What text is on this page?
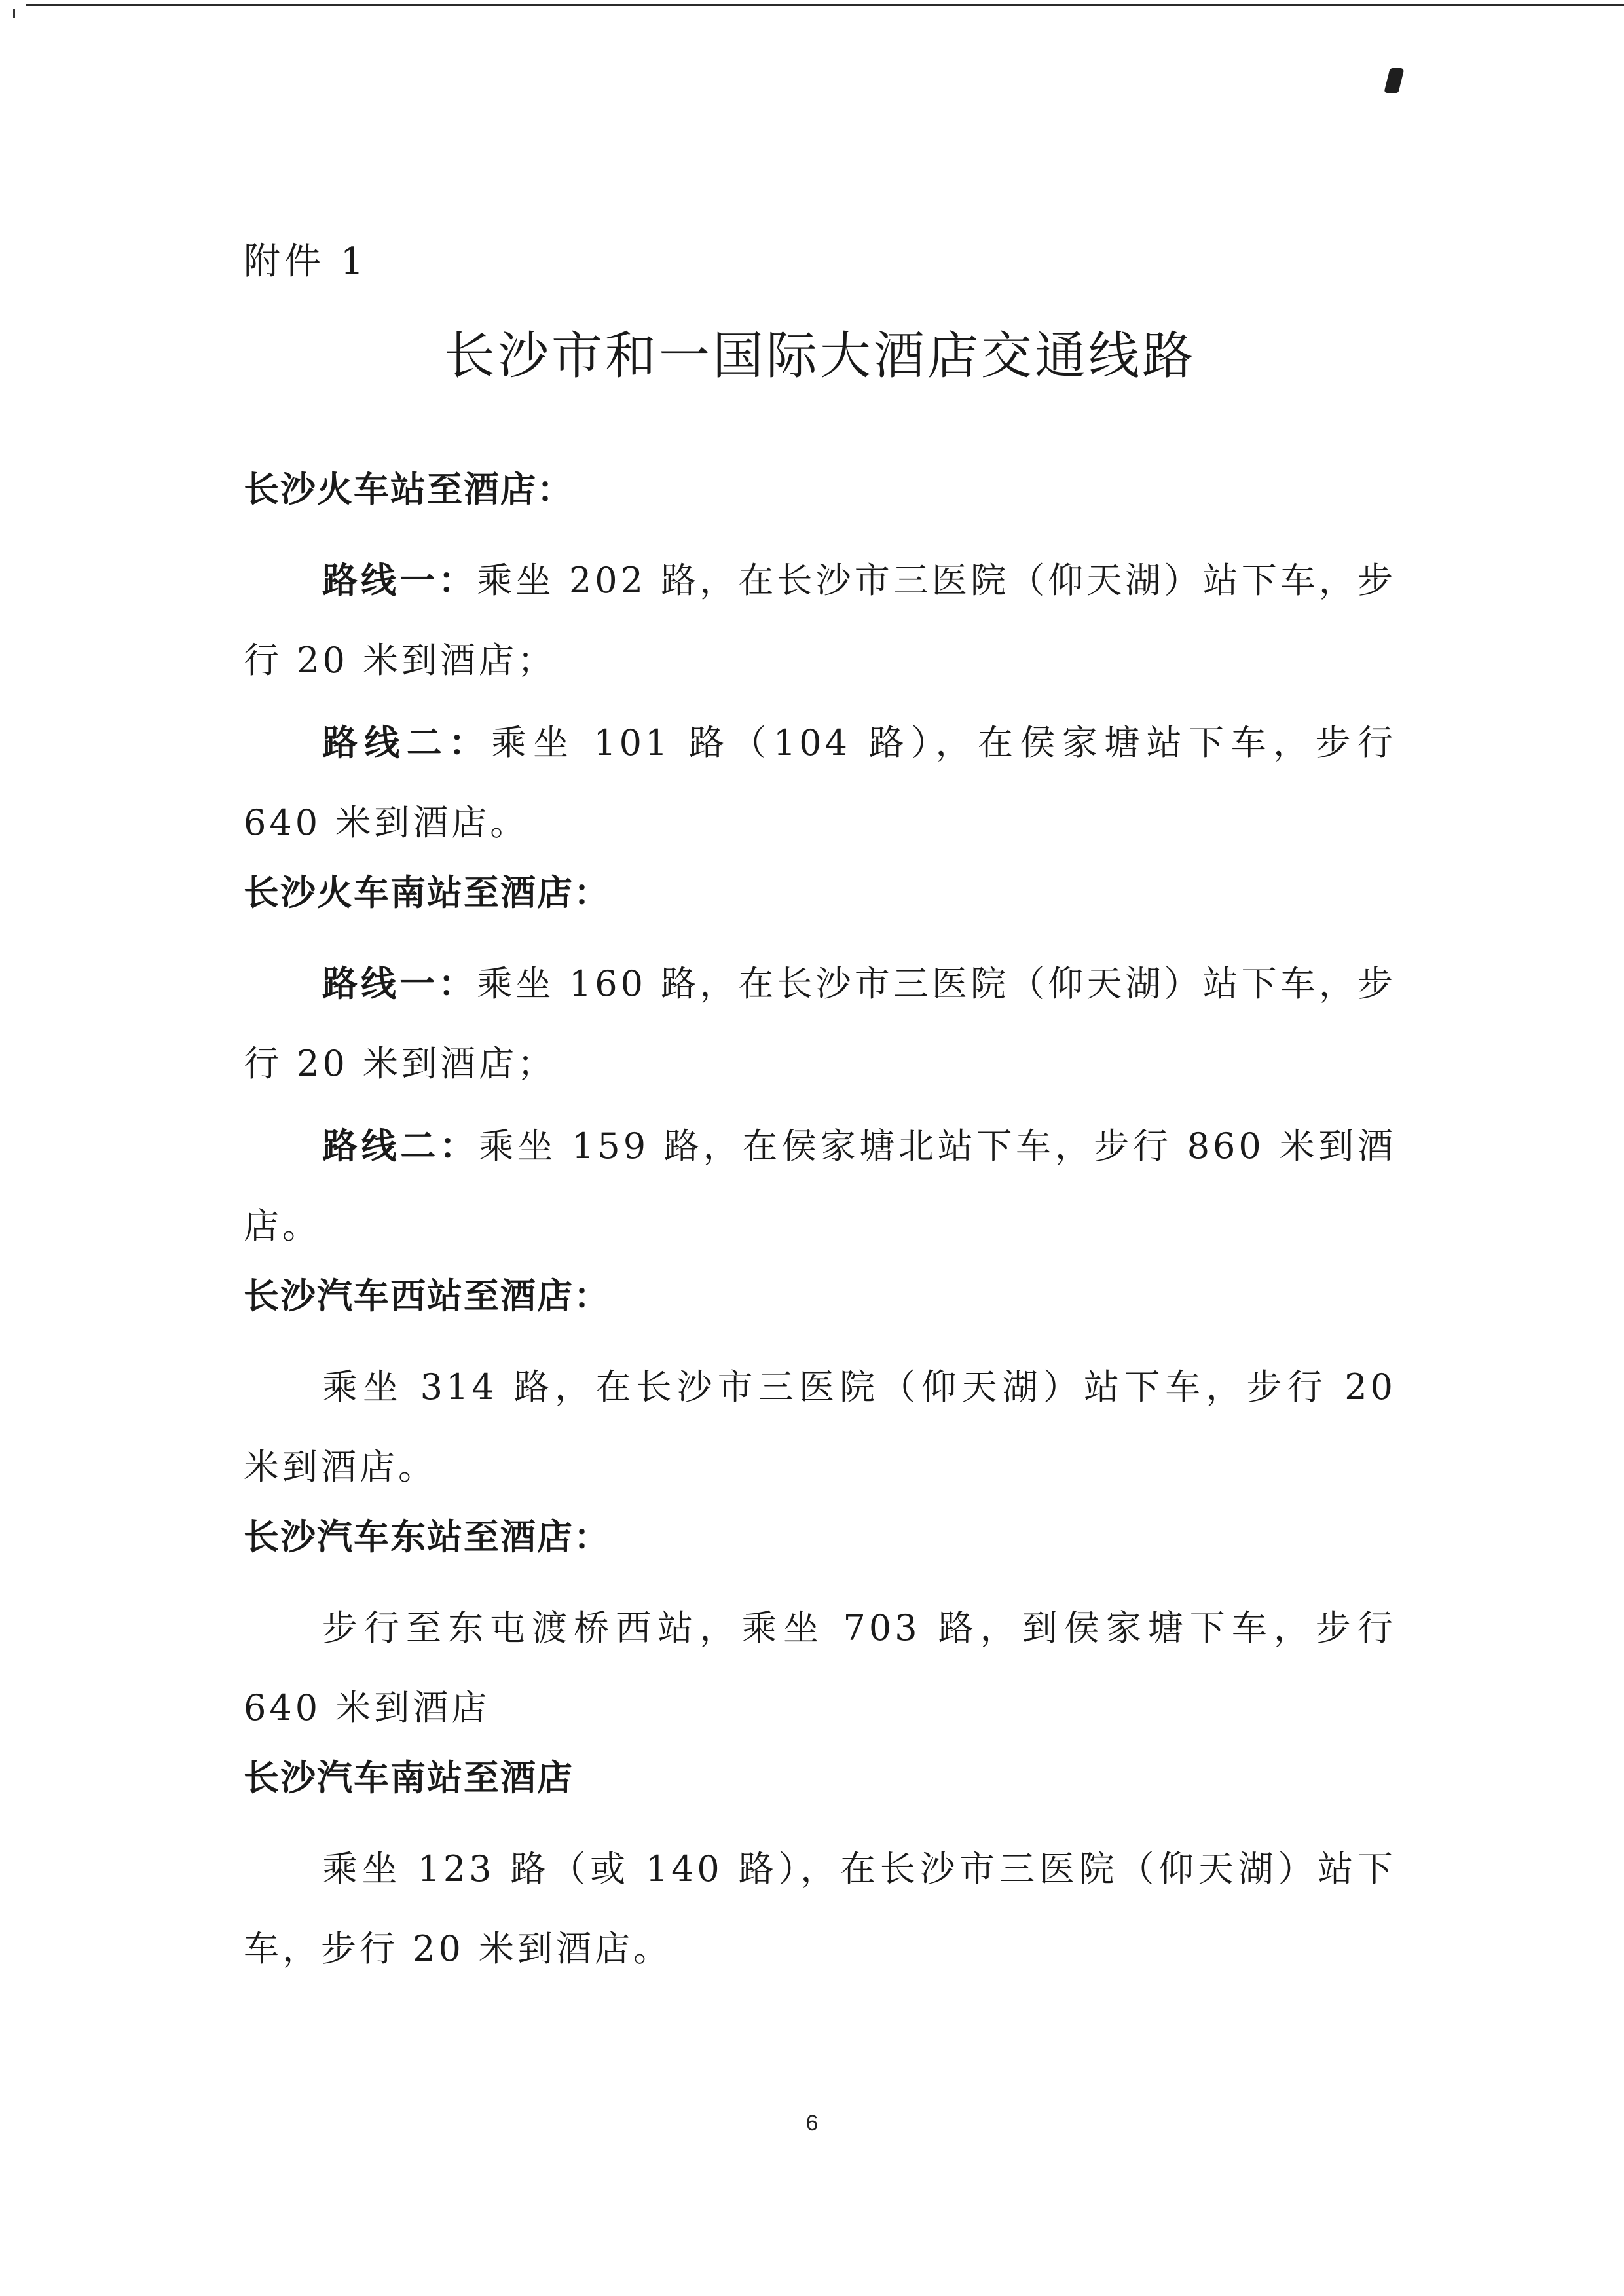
附件 1
长沙市和一国际大酒店交通线路
长沙火车站至酒店：

路线一：乘坐 202 路，在长沙市三医院（仰天湖）站下车，步行 20 米到酒店；

路线二：乘坐 101 路（104 路），在侯家塘站下车，步行 640 米到酒店。

长沙火车南站至酒店：

路线一：乘坐 160 路，在长沙市三医院（仰天湖）站下车，步行 20 米到酒店；

路线二：乘坐 159 路，在侯家塘北站下车，步行 860 米到酒店。

长沙汽车西站至酒店：

乘坐 314 路，在长沙市三医院（仰天湖）站下车，步行 20 米到酒店。

长沙汽车东站至酒店：

步行至东屯渡桥西站，乘坐 703 路，到侯家塘下车，步行 640 米到酒店

长沙汽车南站至酒店

乘坐 123 路（或 140 路），在长沙市三医院（仰天湖）站下车，步行 20 米到酒店。

6
